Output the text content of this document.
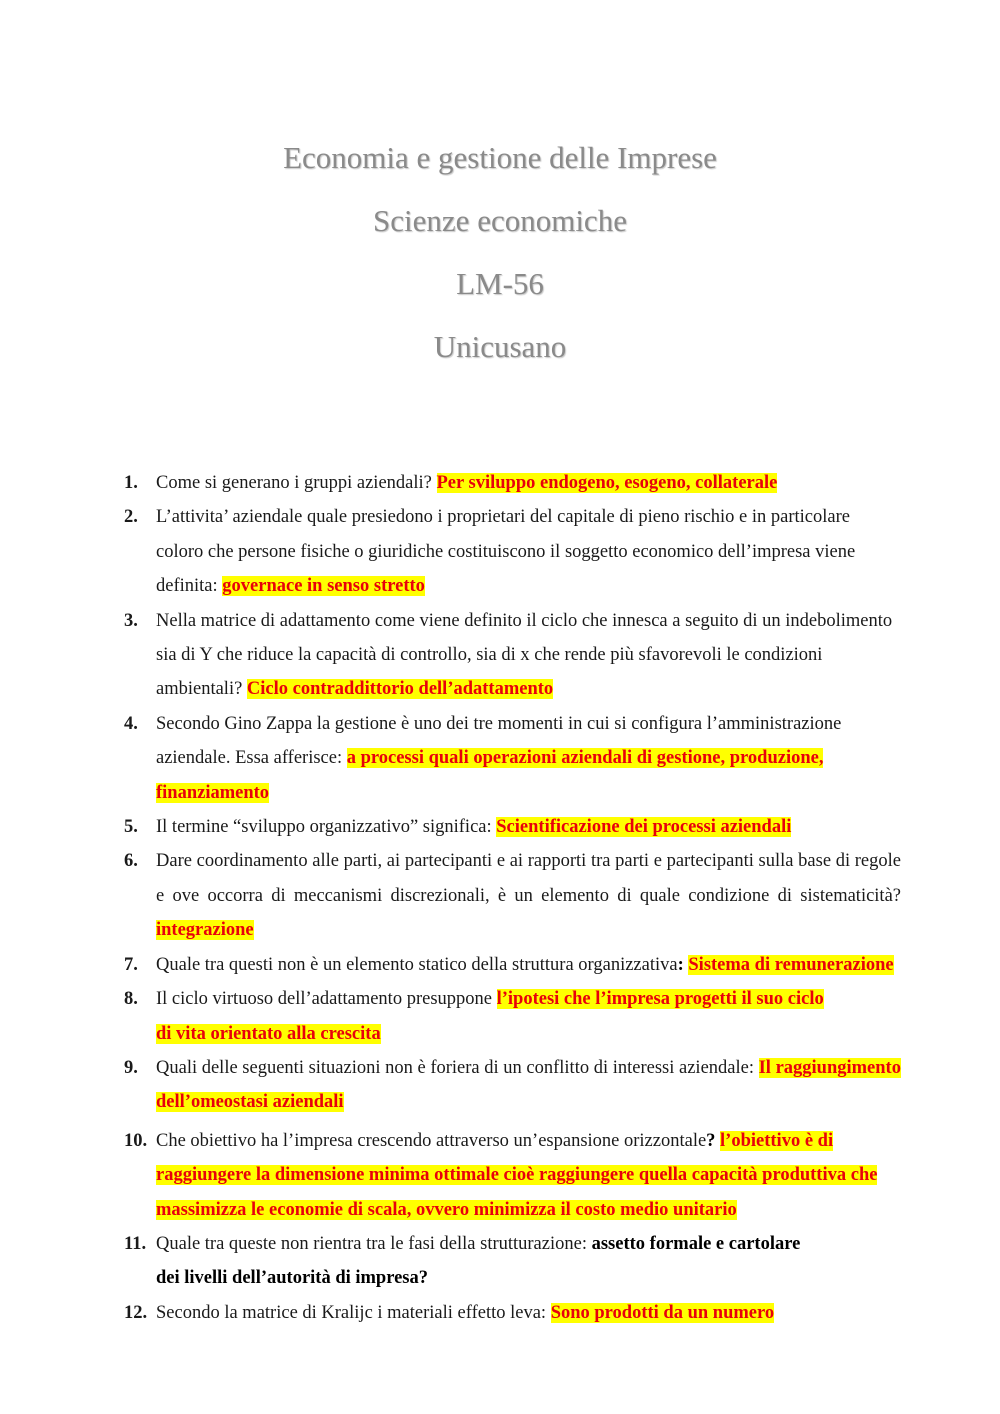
Economia e gestione delle Imprese
Scienze economiche
LM-56
Unicusano
1. Come si generano i gruppi aziendali? Per sviluppo endogeno, esogeno, collaterale
2. L’attivita’ aziendale quale presiedono i proprietari del capitale di pieno rischio e in particolare coloro che persone fisiche o giuridiche costituiscono il soggetto economico dell’impresa viene definita: governace in senso stretto
3. Nella matrice di adattamento come viene definito il ciclo che innesca a seguito di un indebolimento sia di Y che riduce la capacità di controllo, sia di x che rende più sfavorevoli le condizioni ambientali? Ciclo contraddittorio dell’adattamento
4. Secondo Gino Zappa la gestione è uno dei tre momenti in cui si configura l’amministrazione aziendale. Essa afferisce: a processi quali operazioni aziendali di gestione, produzione, finanziamento
5. Il termine “sviluppo organizzativo” significa: Scientificazione dei processi aziendali
6. Dare coordinamento alle parti, ai partecipanti e ai rapporti tra parti e partecipanti sulla base di regole e ove occorra di meccanismi discrezionali, è un elemento di quale condizione di sistematicità? integrazione
7. Quale tra questi non è un elemento statico della struttura organizzativa: Sistema di remunerazione
8. Il ciclo virtuoso dell’adattamento presuppone l’ipotesi che l’impresa progetti il suo ciclo
di vita orientato alla crescita
9. Quali delle seguenti situazioni non è foriera di un conflitto di interessi aziendale: Il raggiungimento dell’omeostasi aziendali
10. Che obiettivo ha l’impresa crescendo attraverso un’espansione orizzontale? l’obiettivo è di raggiungere la dimensione minima ottimale cioè raggiungere quella capacità produttiva che massimizza le economie di scala, ovvero minimizza il costo medio unitario
11. Quale tra queste non rientra tra le fasi della strutturazione: assetto formale e cartolare
dei livelli dell’autorità di impresa?
12. Secondo la matrice di Kralijc i materiali effetto leva: Sono prodotti da un numero
